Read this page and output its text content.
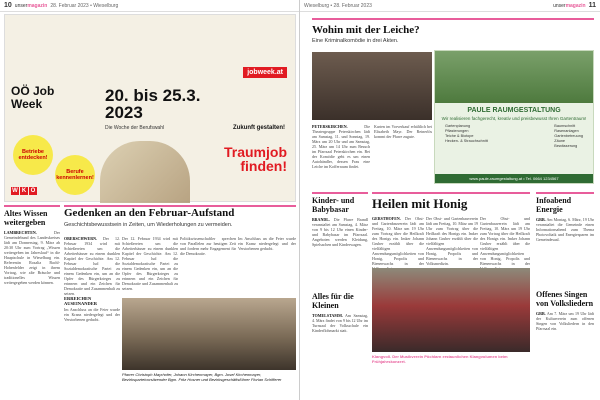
10 unsermagazin 28. Februar 2023 • Wieselburg
OÖ Job
Week
jobweek.at
20. bis 25.3.
2023
Die Woche der Berufswahl	Zukunft gestalten!
Traumjob
finden!
Betriebe entdecken!
Berufe kennenlernen!
W K O
Altes Wissen weitergeben
LAMBRECHTEN.	Der Gemeindebund des Landeskreises lädt am Donnerstag, 9. März ab 20:30 Uhr zum Vortrag „Wissen weitergeben im Jahreslauf“ in die Hauptschule in Wieselburg ein. Referentin Rosalia Bachl-Hohenfelder zeigt in ihrem Vortrag, wie alte Bräuche und traditionelles Wissen weitergegeben werden können.
Gedenken an den Februar-Aufstand
Geschichtsbewusstsein in Zeiten, um Wiederholungen zu vermeiden.
OBERSCHWERN. Der 12. Februar 1934 wird mit Schießereien um die Arbeiterhäuser zu einem dunklen Kapitel der Geschichte. Am 12. Februar lud die Sozialdemokratische Partei zu einem Gedenken ein, um an die Opfer des Bürgerkrieges zu erinnern und ein Zeichen für Demokratie und Zusammenhalt zu setzen.
Der 12. Februar 1934 wird mit Schießereien um die Arbeiterhäuser zu einem dunklen Kapitel der Geschichte. Am 12. Februar lud die Sozialdemokratische Partei zu einem Gedenken ein, um an die Opfer des Bürgerkrieges zu erinnern und ein Zeichen für Demokratie und Zusammenhalt zu setzen.
Politikwissenschaftler sprechen von Parallelen zur heutigen Zeit und fordern mehr Engagement für die Demokratie.
Im Anschluss an die Feier wurde ein Kranz niedergelegt und der Verstorbenen gedacht.
ERREICHEN AUSEINANDER
Im Anschluss an die Feier wurde ein Kranz niedergelegt und der Verstorbenen gedacht.
Pfarrer Christoph Mayrhofer, Johann Kirchenmayer, Bgm. Josef Kirchenmayer, Bezirksparteivorsitzender Bgm. Fritz Hosner und Bezirksgeschäftsführer Florian Schifferer
Wieselburg • 28. Februar 2023	unsermagazin 11
Wohin mit der Leiche?
Eine Kriminalkomödie in drei Akten.
PETERSKIRCHEN.	Die Theatergruppe Peterskirchen lädt am Samstag, 11. und Sonntag, 19. März um 20 Uhr und am Samstag, 25. März um 14 Uhr zum Besuch im Pfarrsaal Peterskirchen ein. Bei der Komödie geht es um einen Autohändler, dessen Frau eine Leiche im Kofferraum findet.
Karten im Vorverkauf erhältlich bei Elisabeth Mayr. Der Reinerlös kommt der Pfarre zugute.
PAULE RAUMGESTALTUNG
Wir realisieren fachgerecht, kreativ und preisbewusst Ihren Gartentraum!
Gartenplanung
Pflasterungen
Teiche & Biotope
Hecken- & Strauchschnitt
Baumschnitt
Rasenanlagen
Gartenbetreuung
Zäune
Bewässerung
www.paule-raumgestaltung.at • Tel. 0664 1234567
Kinder- und Babybasar
BRANDL. Die Pfarre Brandl veranstaltet am Samstag, 4. März von 9 bis 12 Uhr einen Kinder- und Babybasar im Pfarrsaal. Angeboten werden Kleidung, Spielsachen und Kinderwagen.
Alles für die Kleinen
TOMELSTAMM. Am Samstag, 4. März findet von 9 bis 12 Uhr im Turnsaal der Volksschule ein Kinderflohmarkt statt.
Heilen mit Honig
GERSTHOFEN. Der Obst- und Gartenbauverein lädt am Freitag, 10. März um 19 Uhr zum Vortrag über die Heilkraft des Honigs ein. Imker Johann Gruber erzählt über die vielfältigen Anwendungsmöglichkeiten von Honig, Propolis und Bienenwachs in der
Der Obst- und Gartenbauverein lädt am Freitag, 10. März um 19 Uhr zum Vortrag über die Heilkraft des Honigs ein. Imker Johann Gruber erzählt über die vielfältigen Anwendungsmöglichkeiten von Honig, Propolis und Bienenwachs in der Volksmedizin.
Der Obst- und Gartenbauverein lädt am Freitag, 10. März um 19 Uhr zum Vortrag über die Heilkraft des Honigs ein. Imker Johann Gruber erzählt über die vielfältigen Anwendungsmöglichkeiten von Honig, Propolis und Bienenwachs in der
Klangvoll. Der Musikverein Pöchlarn erstaunlichen Klangvolumen beim Frühjahrskonzert.
Infoabend Energie
GRB. Am Montag, 6. März, 19 Uhr veranstaltet die Gemeinde einen Informationsabend zum Thema Photovoltaik und Energiesparen im Gemeindesaal.
Offenes Singen von Volksliedern
GRB. Am 7. März um 19 Uhr lädt der Kulturverein zum offenen Singen von Volksliedern in den Pfarrsaal ein.
